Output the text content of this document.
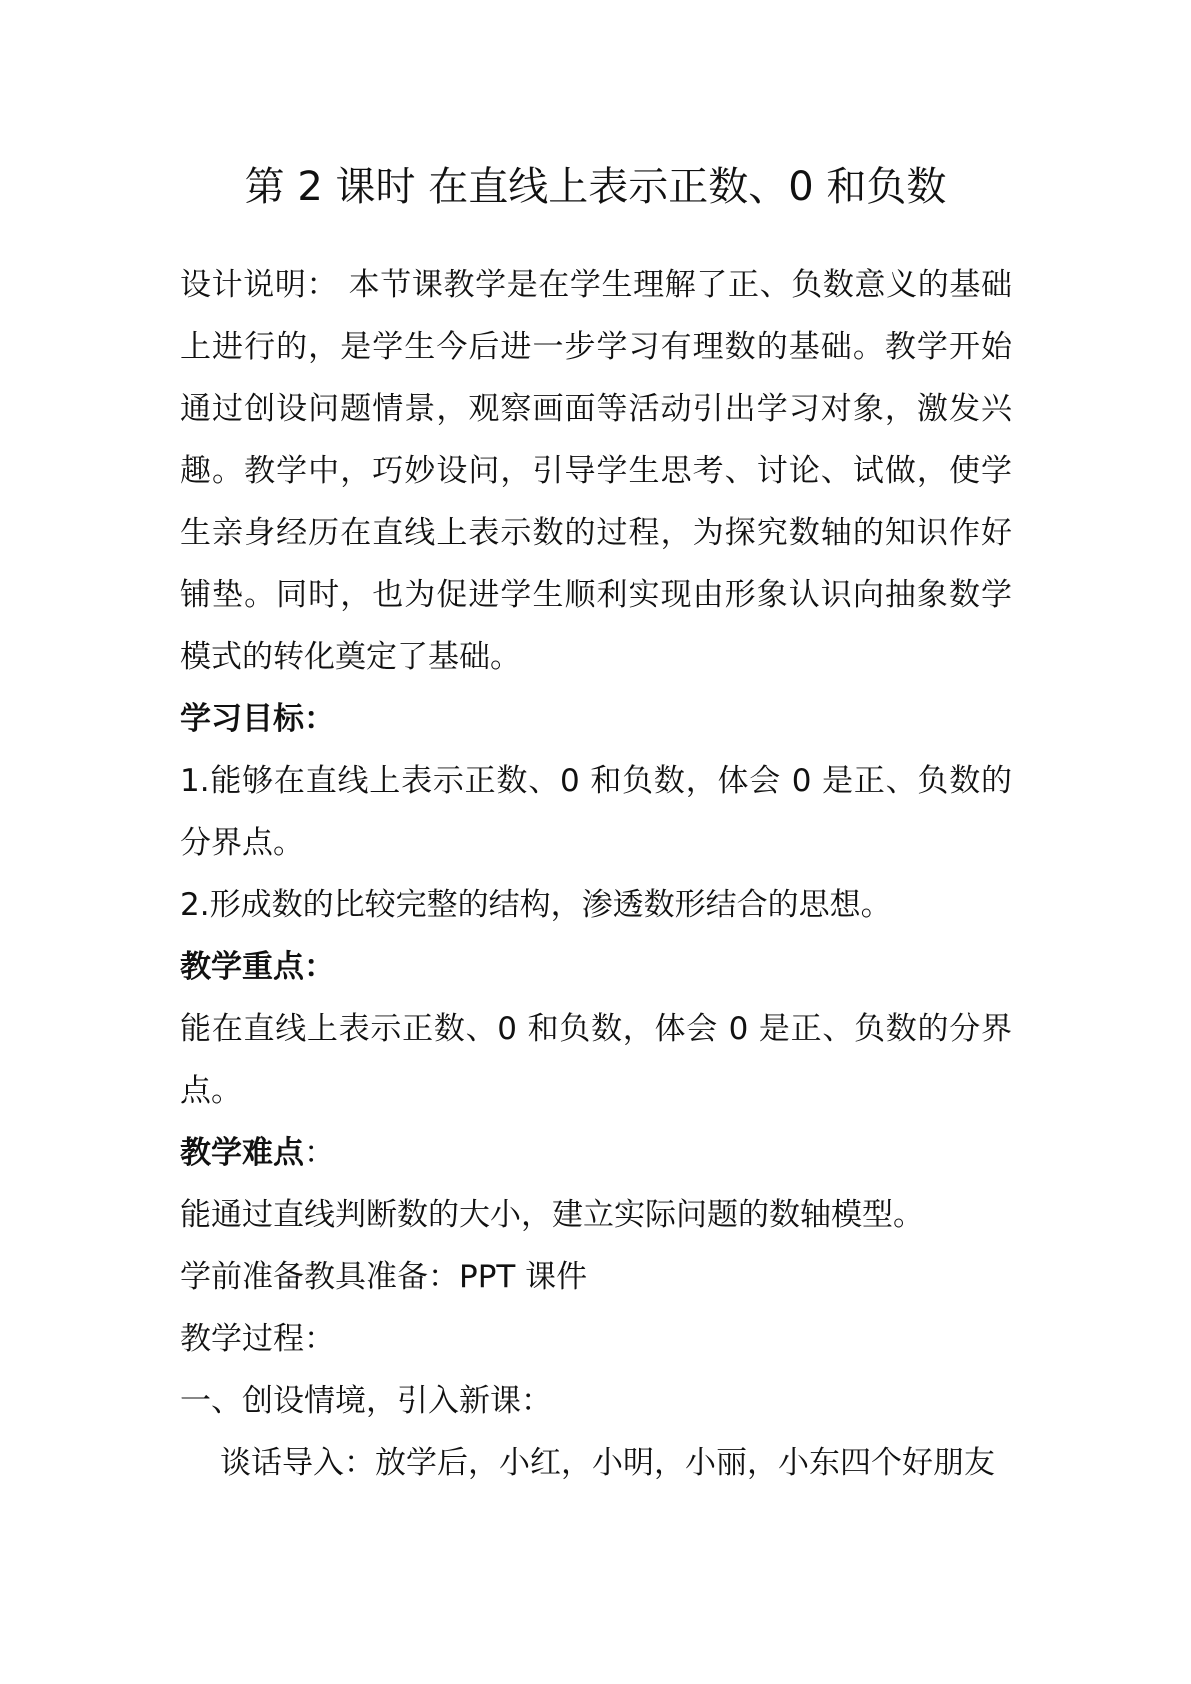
第 2 课时 在直线上表示正数、0 和负数

设计说明： 本节课教学是在学生理解了正、负数意义的基础上进行的，是学生今后进一步学习有理数的基础。教学开始通过创设问题情景，观察画面等活动引出学习对象，激发兴趣。教学中，巧妙设问，引导学生思考、讨论、试做，使学生亲身经历在直线上表示数的过程，为探究数轴的知识作好铺垫。同时，也为促进学生顺利实现由形象认识向抽象数学模式的转化奠定了基础。

学习目标：

1.能够在直线上表示正数、0 和负数，体会 0 是正、负数的分界点。

2.形成数的比较完整的结构，渗透数形结合的思想。

教学重点：

能在直线上表示正数、0 和负数，体会 0 是正、负数的分界点。

教学难点：

能通过直线判断数的大小，建立实际问题的数轴模型。

学前准备教具准备：PPT 课件

教学过程：

一、创设情境，引入新课：

谈话导入：放学后，小红，小明，小丽，小东四个好朋友
